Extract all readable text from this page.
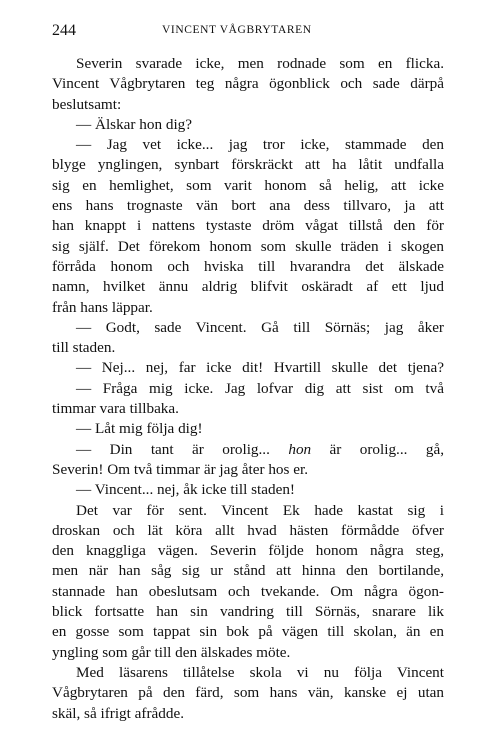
244	VINCENT VÅGBRYTAREN
Severin svarade icke, men rodnade som en flicka.
Vincent Vågbrytaren teg några ögonblick och sade därpå
beslutsamt:
— Älskar hon dig?
— Jag vet icke... jag tror icke, stammade den
blyge ynglingen, synbart förskräckt att ha låtit undfalla
sig en hemlighet, som varit honom så helig, att icke
ens hans trognaste vän bort ana dess tillvaro, ja att
han knappt i nattens tystaste dröm vågat tillstå den för
sig själf. Det förekom honom som skulle träden i skogen
förråda honom och hviska till hvarandra det älskade
namn, hvilket ännu aldrig blifvit oskäradt af ett ljud
från hans läppar.
— Godt, sade Vincent. Gå till Sörnäs; jag åker
till staden.
— Nej... nej, far icke dit! Hvartill skulle det tjena?
— Fråga mig icke. Jag lofvar dig att sist om två
timmar vara tillbaka.
— Låt mig följa dig!
— Din tant är orolig... hon är orolig... gå,
Severin! Om två timmar är jag åter hos er.
— Vincent... nej, åk icke till staden!
Det var för sent. Vincent Ek hade kastat sig i
droskan och lät köra allt hvad hästen förmådde öfver
den knaggliga vägen. Severin följde honom några steg,
men när han såg sig ur stånd att hinna den bortilande,
stannade han obeslutsam och tvekande. Om några ögon-
blick fortsatte han sin vandring till Sörnäs, snarare lik
en gosse som tappat sin bok på vägen till skolan, än en
yngling som går till den älskades möte.
Med läsarens tillåtelse skola vi nu följa Vincent
Vågbrytaren på den färd, som hans vän, kanske ej utan
skäl, så ifrigt afrådde.
